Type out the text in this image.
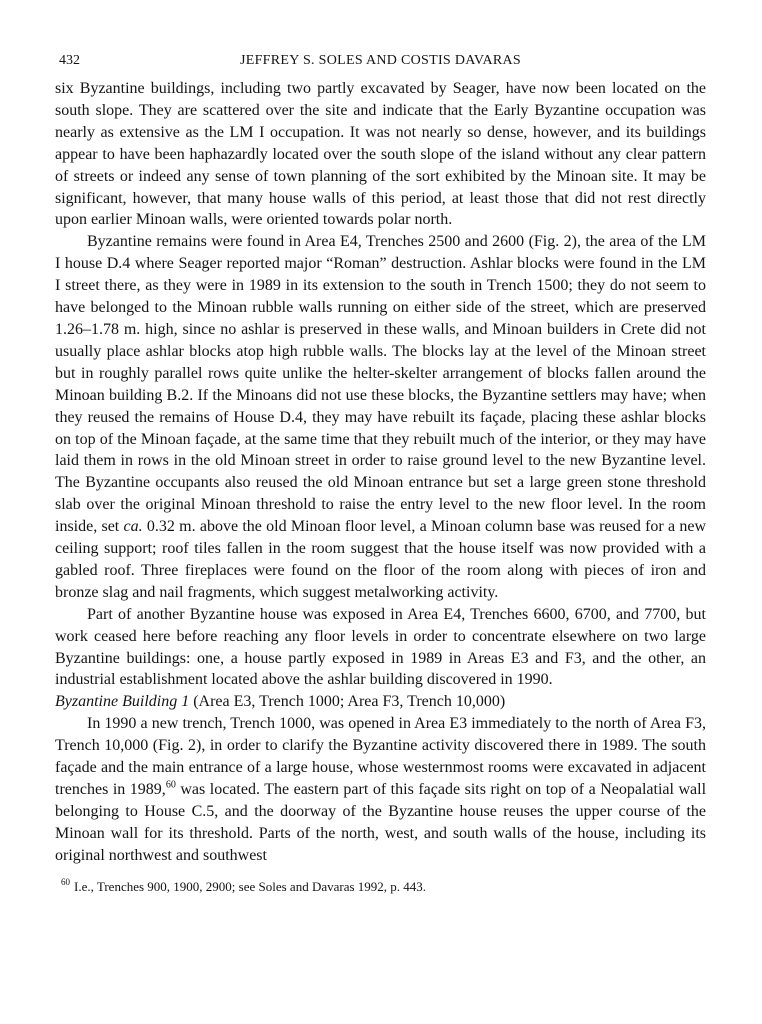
432	JEFFREY S. SOLES AND COSTIS DAVARAS

six Byzantine buildings, including two partly excavated by Seager, have now been located on the south slope. They are scattered over the site and indicate that the Early Byzantine occupation was nearly as extensive as the LM I occupation. It was not nearly so dense, however, and its buildings appear to have been haphazardly located over the south slope of the island without any clear pattern of streets or indeed any sense of town planning of the sort exhibited by the Minoan site. It may be significant, however, that many house walls of this period, at least those that did not rest directly upon earlier Minoan walls, were oriented towards polar north.

Byzantine remains were found in Area E4, Trenches 2500 and 2600 (Fig. 2), the area of the LM I house D.4 where Seager reported major “Roman” destruction. Ashlar blocks were found in the LM I street there, as they were in 1989 in its extension to the south in Trench 1500; they do not seem to have belonged to the Minoan rubble walls running on either side of the street, which are preserved 1.26–1.78 m. high, since no ashlar is preserved in these walls, and Minoan builders in Crete did not usually place ashlar blocks atop high rubble walls. The blocks lay at the level of the Minoan street but in roughly parallel rows quite unlike the helter-skelter arrangement of blocks fallen around the Minoan building B.2. If the Minoans did not use these blocks, the Byzantine settlers may have; when they reused the remains of House D.4, they may have rebuilt its façade, placing these ashlar blocks on top of the Minoan façade, at the same time that they rebuilt much of the interior, or they may have laid them in rows in the old Minoan street in order to raise ground level to the new Byzantine level. The Byzantine occupants also reused the old Minoan entrance but set a large green stone threshold slab over the original Minoan threshold to raise the entry level to the new floor level. In the room inside, set ca. 0.32 m. above the old Minoan floor level, a Minoan column base was reused for a new ceiling support; roof tiles fallen in the room suggest that the house itself was now provided with a gabled roof. Three fireplaces were found on the floor of the room along with pieces of iron and bronze slag and nail fragments, which suggest metalworking activity.

Part of another Byzantine house was exposed in Area E4, Trenches 6600, 6700, and 7700, but work ceased here before reaching any floor levels in order to concentrate elsewhere on two large Byzantine buildings: one, a house partly exposed in 1989 in Areas E3 and F3, and the other, an industrial establishment located above the ashlar building discovered in 1990.

Byzantine Building 1 (Area E3, Trench 1000; Area F3, Trench 10,000)

In 1990 a new trench, Trench 1000, was opened in Area E3 immediately to the north of Area F3, Trench 10,000 (Fig. 2), in order to clarify the Byzantine activity discovered there in 1989. The south façade and the main entrance of a large house, whose westernmost rooms were excavated in adjacent trenches in 1989,60 was located. The eastern part of this façade sits right on top of a Neopalatial wall belonging to House C.5, and the doorway of the Byzantine house reuses the upper course of the Minoan wall for its threshold. Parts of the north, west, and south walls of the house, including its original northwest and southwest

$^{60}$ I.e., Trenches 900, 1900, 2900; see Soles and Davaras 1992, p. 443.
